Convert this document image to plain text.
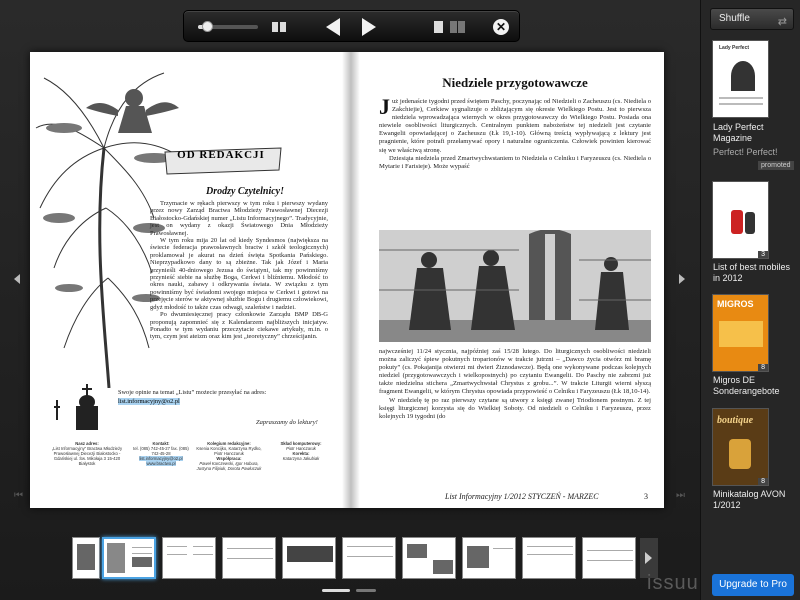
✕
⏮	⏭
OD REDAKCJI
Drodzy Czytelnicy!

Trzymacie w rękach pierwszy w tym roku i pierwszy wydany przez nowy Zarząd Bractwa Młodzieży Prawosławnej Diecezji Białostocko-Gdańskiej numer „Listu Informacyjnego”. Tradycyjnie, jest on wydany z okazji Światowego Dnia Młodzieży Prawosławnej.

W tym roku mija 20 lat od kiedy Syndesmos (największa na świecie federacja prawosławnych bractw i szkół teologicznych) proklamował je akurat na dzień święta Spotkania Pańskiego. Nieprzypadkowo dany to są zbieżne. Tak jak Józef i Maria przynieśli 40-dniowego Jezusa do świątyni, tak my powinniśmy przynieść siebie na służbę Boga, Cerkwi i bliźniemu. Młodość to okres nauki, zabawy i odkrywania świata. W związku z tym powinniśmy być świadomi swojego miejsca w Cerkwi i gotowi na przejęcie sterów w aktywnej służbie Bogu i drugiemu człowiekowi, gdyż młodość to także czas odwagi, szaleństw i nadziei.

Po dwumiesięcznej pracy członkowie Zarządu BMP DB-G proponują zapomnieć się z Kalendarzem najbliższych inicjatyw. Ponadto w tym wydaniu przeczytacie ciekawe artykuły, m.in. o tym, czym jest ateizm oraz kim jest „teoretyczny” chrześcijanin.

Swoje opinie na temat „Listu” możecie przesyłać na adres:
list.informacyjny@o2.pl
Zapraszamy do lektury!
Nasz adres:
„List Informacyjny” Bractwa Młodzieży Prawosławnej Diecezji Białostocko - Gdańskiej ul. Św. Mikołaja 3 15-420 Białystok
Kontakt:
tel. (085) 742-45-27 fax. (085) 742-45-28
list.informacyjny@o2.pl
www.bractwo.pl
Kolegium redakcyjne:
Ksenia Koncijko, Katarzyna Rydko, Piotr Hanczaruk
Współpraca:
Paweł Karczewski, Igor Habura, Justyna Filipiuk, Dorota Pawluczuk
Skład komputerowy:
Piotr Hanczaruk
Korekta:
Katarzyna Jakubiak
Niedziele przygotowawcze

Już jedenaście tygodni przed świętem Paschy, poczynając od Niedzieli o Zacheuszu (cs. Niediela o Zakchiejie), Cerkiew sygnalizuje o zbliżającym się okresie Wielkiego Postu. Jest to pierwsza niedziela wprowadzająca wiernych w okres przygotowawczy do Wielkiego Postu. Posiada ona niewiele osobliwości liturgicznych. Centralnym punktem nabożeństw tej niedzieli jest czytanie Ewangelii opowiadającej o Zacheuszu (Łk 19,1-10). Główną treścią wypływającą z lektury jest pragnienie, które potrafi przełamywać opory i naturalne ograniczenia. Człowiek powinien kierować się we właściwą stronę.

Dziesiąta niedziela przed Zmartwychwstaniem to Niedziela o Celniku i Faryzeuszu (cs. Niediela o Mytarie i Farisieje). Może wypaść

najwcześniej 11/24 stycznia, najpóźniej zaś 15/28 lutego. Do liturgicznych osobliwości niedzieli można zaliczyć śpiew pokutnych troparionów w trakcie jutrzni – „Dawco życia otwórz mi bramę pokuty” (cs. Pokajanija otwierzi mi dwieri Żiznodawcze). Będą one wykonywane podczas kolejnych niedziel (przygotowawczych i wielkopostnych) po czytaniu Ewangelii. Do Paschy nie zabrzmi już także niedzielna stichera „Zmartwychwstał Chrystus z grobu...”. W trakcie Liturgii wierni słyszą fragment Ewangelii, w którym Chrystus opowiada przypowieść o Celniku i Faryzeuszu (Łk 18,10-14).

W niedzielę tę po raz pierwszy czytane są utwory z księgi zwanej Triodionem postnym. Z tej księgi liturgicznej korzysta się do Wielkiej Soboty. Od niedzieli o Celniku i Faryzeuszu, przez kolejnych 19 tygodni (do

List Informacyjny 1/2012 STYCZEŃ - MARZEC	3
issuu
Shuffle	⇄
Lady Perfect
Lady Perfect Magazine
Perfect! Perfect!
promoted
3
List of best mobiles in 2012
MIGROS
8
Migros DE Sonderangebote
boutique
8
Minikatalog AVON 1/2012
Upgrade to Pro
